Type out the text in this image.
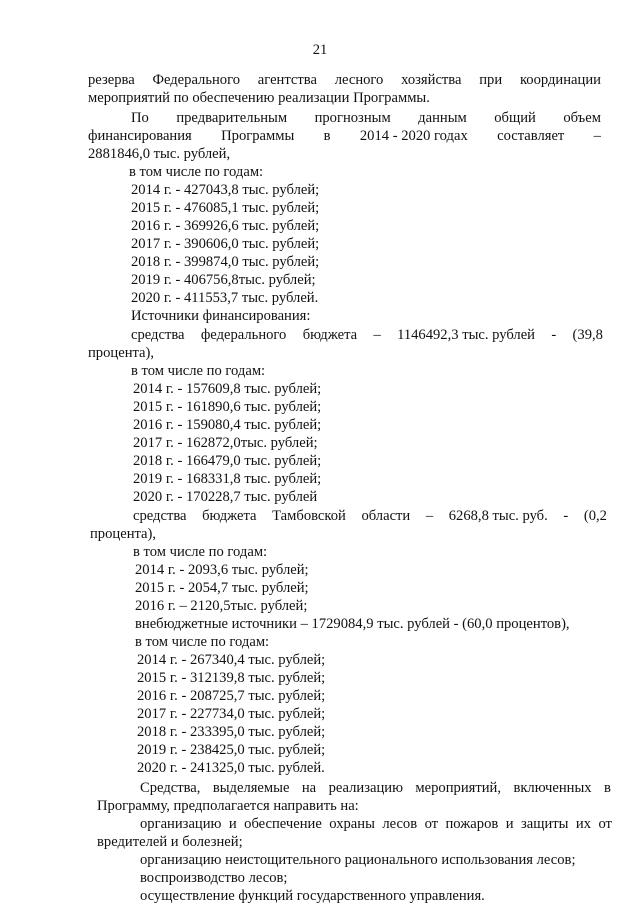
21
резерва Федерального агентства лесного хозяйства при координации
мероприятий по обеспечению реализации Программы.
По предварительным прогнозным данным общий объем
финансирования Программы в 2014 - 2020 годах составляет –
2881846,0 тыс. рублей,
в том числе по годам:
2014 г. - 427043,8 тыс. рублей;
2015 г. - 476085,1 тыс. рублей;
2016 г. - 369926,6 тыс. рублей;
2017 г. - 390606,0 тыс. рублей;
2018 г. - 399874,0 тыс. рублей;
2019 г. - 406756,8тыс. рублей;
2020 г. - 411553,7 тыс. рублей.
Источники финансирования:
средства федерального бюджета – 1146492,3 тыс. рублей - (39,8
процента),
в том числе по годам:
2014 г. - 157609,8 тыс. рублей;
2015 г. - 161890,6 тыс. рублей;
2016 г. - 159080,4 тыс. рублей;
2017 г. - 162872,0тыс. рублей;
2018 г. - 166479,0 тыс. рублей;
2019 г. - 168331,8 тыс. рублей;
2020 г. - 170228,7 тыс. рублей
средства бюджета Тамбовской области – 6268,8 тыс. руб. - (0,2
процента),
в том числе по годам:
2014 г. - 2093,6 тыс. рублей;
2015 г. - 2054,7 тыс. рублей;
2016 г. – 2120,5тыс. рублей;
внебюджетные источники – 1729084,9 тыс. рублей - (60,0 процентов),
в том числе по годам:
2014 г. - 267340,4 тыс. рублей;
2015 г. - 312139,8 тыс. рублей;
2016 г. - 208725,7 тыс. рублей;
2017 г. - 227734,0 тыс. рублей;
2018 г. - 233395,0 тыс. рублей;
2019 г. - 238425,0 тыс. рублей;
2020 г. - 241325,0 тыс. рублей.
Средства, выделяемые на реализацию мероприятий, включенных в
Программу, предполагается направить на:
организацию и обеспечение охраны лесов от пожаров и защиты их от
вредителей и болезней;
организацию неистощительного рационального использования лесов;
воспроизводство лесов;
осуществление функций государственного управления.
